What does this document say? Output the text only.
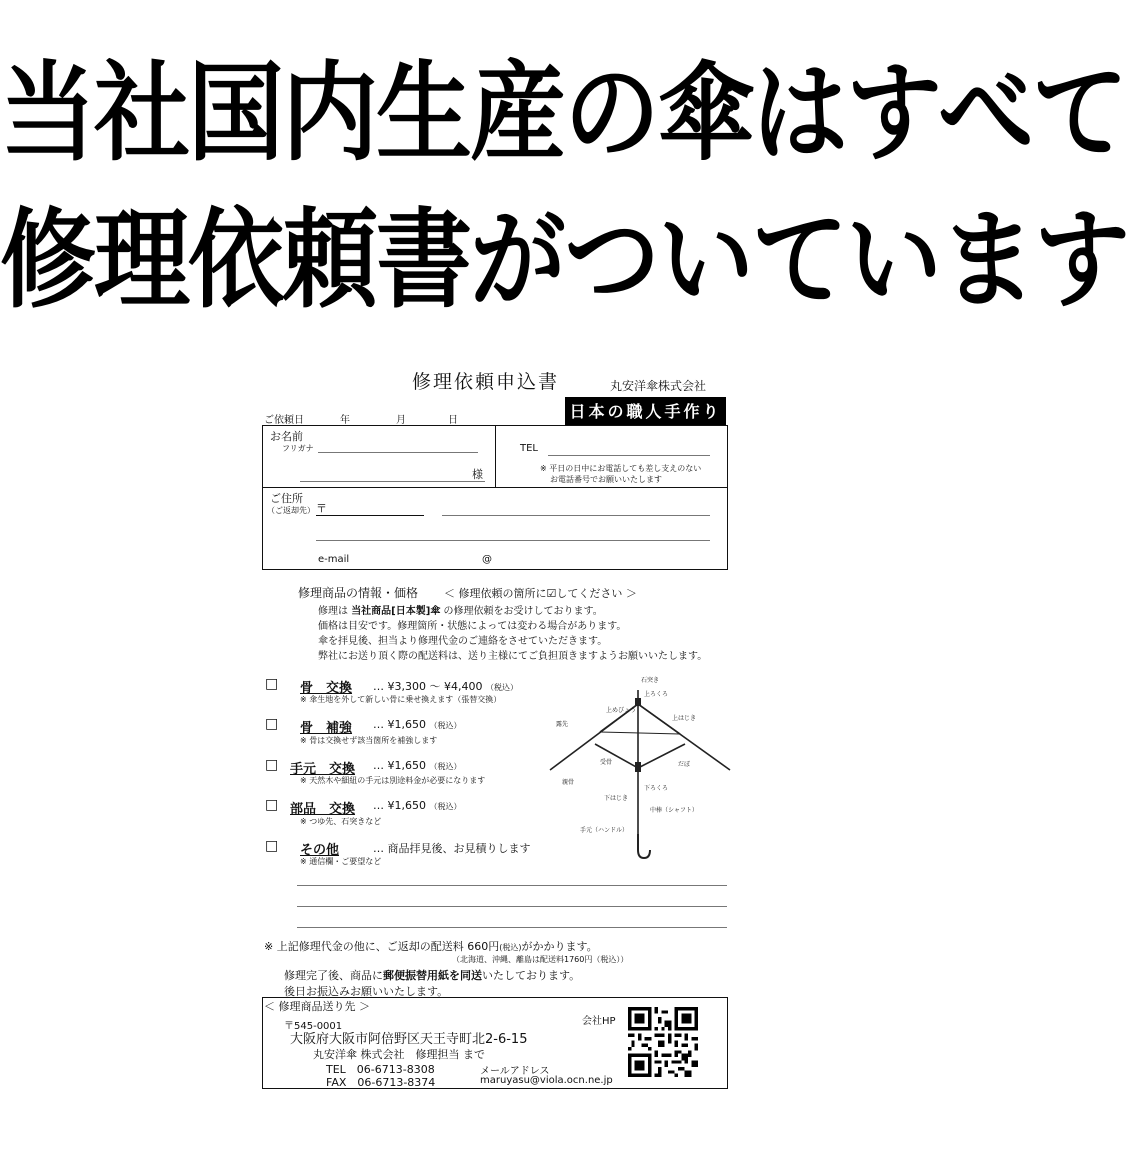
当社国内生産の傘はすべて
修理依頼書がついています
修理依頼申込書	丸安洋傘株式会社
日本の職人手作り
ご依頼日	年	月	日
お名前
フリガナ
様
TEL
※ 平日の日中にお電話しても差し支えのない
お電話番号でお願いいたします
ご住所
（ご返却先） 〒
e-mail	@
修理商品の情報・価格 ＜ 修理依頼の箇所に☑してください ＞
修理は 当社商品[日本製]傘 の修理依頼をお受けしております。
価格は目安です。修理箇所・状態によっては変わる場合があります。
傘を拝見後、担当より修理代金のご連絡をさせていただきます。
弊社にお送り頂く際の配送料は、送り主様にてご負担頂きますようお願いいたします。
□ 骨　交換 … ¥3,300 ～ ¥4,400 （税込）
※ 傘生地を外して新しい骨に乗せ換えます（張替交換）
□ 骨　補強 … ¥1,650 （税込）
※ 骨は交換せず該当箇所を補強します
□ 手元　交換 … ¥1,650 （税込）
※ 天然木や細紐の手元は別途料金が必要になります
□ 部品　交換 … ¥1,650 （税込）
※ つゆ先、石突きなど
□ その他	… 商品拝見後、お見積りします
※ 通信欄・ご要望など
石突き
上ろくろ
上めびょう
露先
上はじき
親骨
だぼ
受骨
下ろくろ
下はじき
中棒（シャフト）
手元（ハンドル）
※ 上記修理代金の他に、ご返却の配送料 660円(税込)がかかります。
（北海道、沖縄、離島は配送料1760円（税込））
修理完了後、商品に郵便振替用紙を同送いたしております。
後日お振込みお願いいたします。
＜ 修理商品送り先 ＞
〒545-0001
大阪府大阪市阿倍野区天王寺町北2-6-15
丸安洋傘 株式会社　修理担当 まで
TEL　06-6713-8308
FAX　06-6713-8374
会社HP
メールアドレス
maruyasu@viola.ocn.ne.jp
